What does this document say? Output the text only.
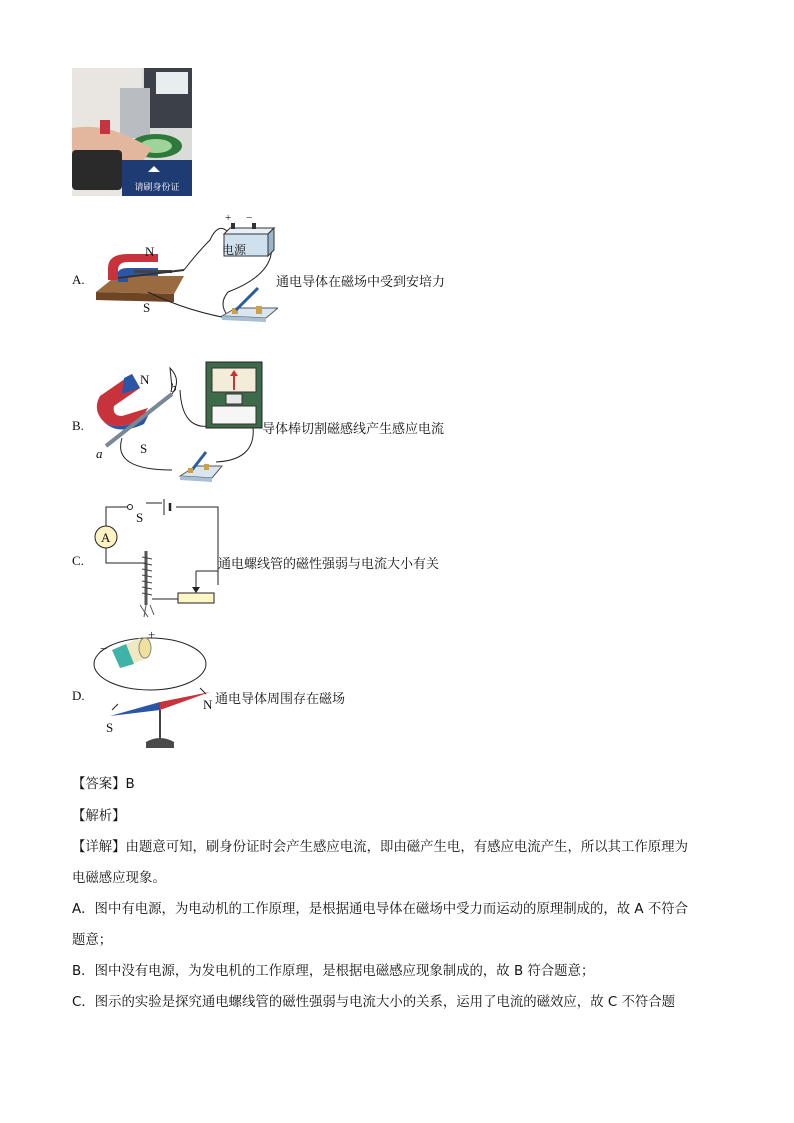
请刷身份证
A.
N
S
+ −
电源
通电导体在磁场中受到安培力
B.
N
S
a
b
导体棒切割磁感线产生感应电流
C.
A
S
通电螺线管的磁性强弱与电流大小有关
D.
+
−
S
N 通电导体周围存在磁场
【答案】B
【解析】
【详解】由题意可知，刷身份证时会产生感应电流，即由磁产生电，有感应电流产生，所以其工作原理为
电磁感应现象。
A．图中有电源，为电动机的工作原理，是根据通电导体在磁场中受力而运动的原理制成的，故 A 不符合
题意；
B．图中没有电源，为发电机的工作原理，是根据电磁感应现象制成的，故 B 符合题意；
C．图示的实验是探究通电螺线管的磁性强弱与电流大小的关系，运用了电流的磁效应，故 C 不符合题
